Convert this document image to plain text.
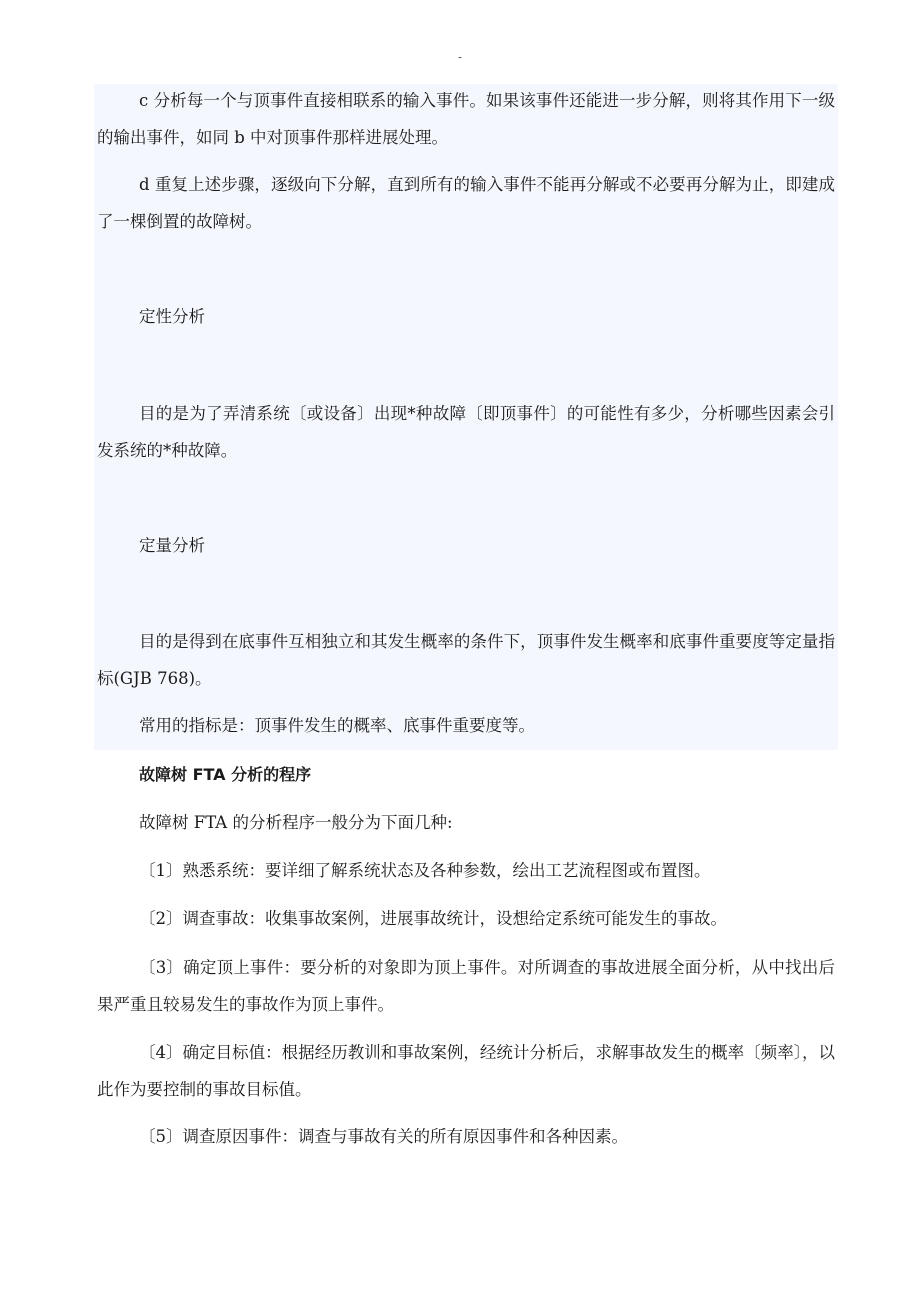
-

c 分析每一个与顶事件直接相联系的输入事件。如果该事件还能进一步分解，则将其作用下一级的输出事件，如同 b 中对顶事件那样进展处理。

d 重复上述步骤，逐级向下分解，直到所有的输入事件不能再分解或不必要再分解为止，即建成了一棵倒置的故障树。

定性分析

目的是为了弄清系统〔或设备〕出现*种故障〔即顶事件〕的可能性有多少，分析哪些因素会引发系统的*种故障。

定量分析

目的是得到在底事件互相独立和其发生概率的条件下，顶事件发生概率和底事件重要度等定量指标(GJB 768)。

常用的指标是：顶事件发生的概率、底事件重要度等。

故障树 FTA 分析的程序

故障树 FTA 的分析程序一般分为下面几种:

〔1〕熟悉系统：要详细了解系统状态及各种参数，绘出工艺流程图或布置图。

〔2〕调查事故：收集事故案例，进展事故统计，设想给定系统可能发生的事故。

〔3〕确定顶上事件：要分析的对象即为顶上事件。对所调查的事故进展全面分析，从中找出后果严重且较易发生的事故作为顶上事件。

〔4〕确定目标值：根据经历教训和事故案例，经统计分析后，求解事故发生的概率〔频率〕，以此作为要控制的事故目标值。

〔5〕调查原因事件：调查与事故有关的所有原因事件和各种因素。
